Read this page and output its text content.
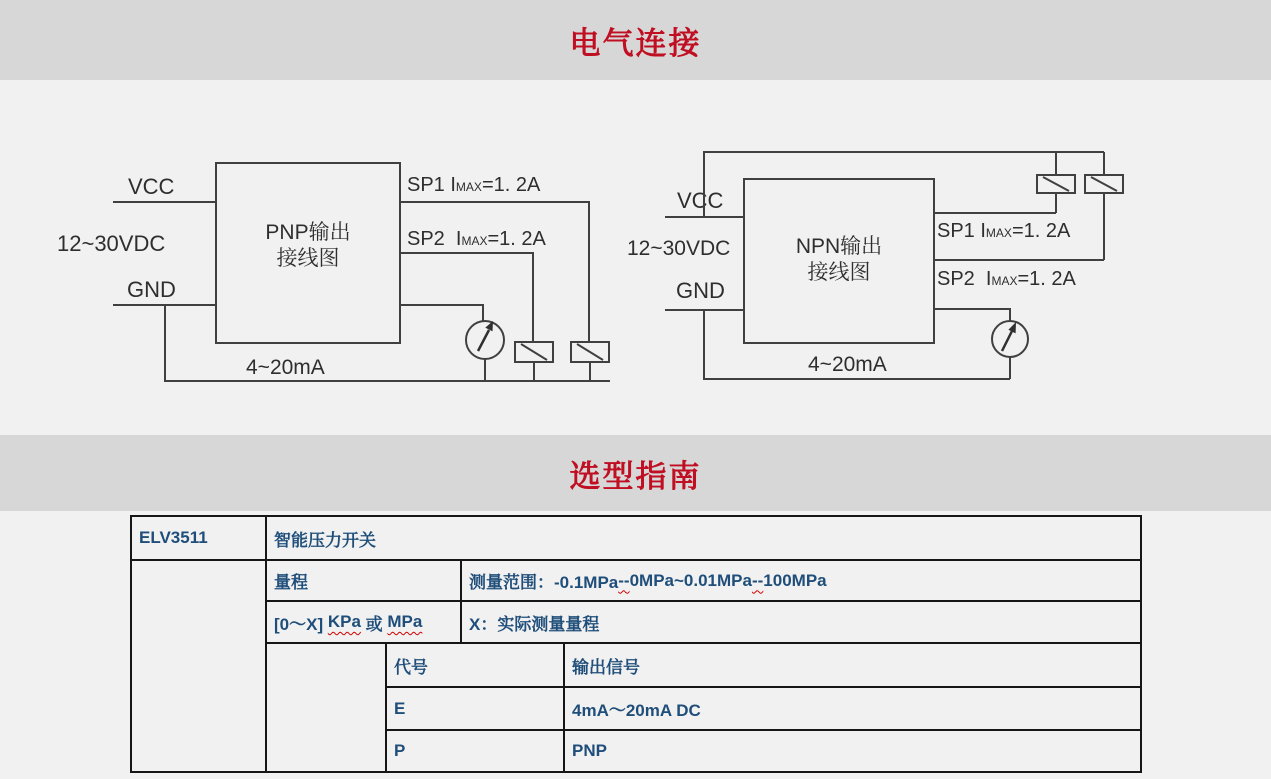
电气连接
PNP输出
接线图
VCC
12~30VDC
GND
4~20mA
SP1 IMAX=1. 2A
SP2  IMAX=1. 2A	NPN输出
接线图
VCC
12~30VDC
GND
4~20mA
SP1 IMAX=1. 2A
SP2  IMAX=1. 2A
选型指南
ELV3511	智能压力开关
量程	测量范围：-0.1MPa -- 0MPa~0.01MPa -- 100MPa
[0～X] KPa 或 MPa	X：实际测量量程
代号	输出信号
E	4mA～20mA DC
P	PNP
